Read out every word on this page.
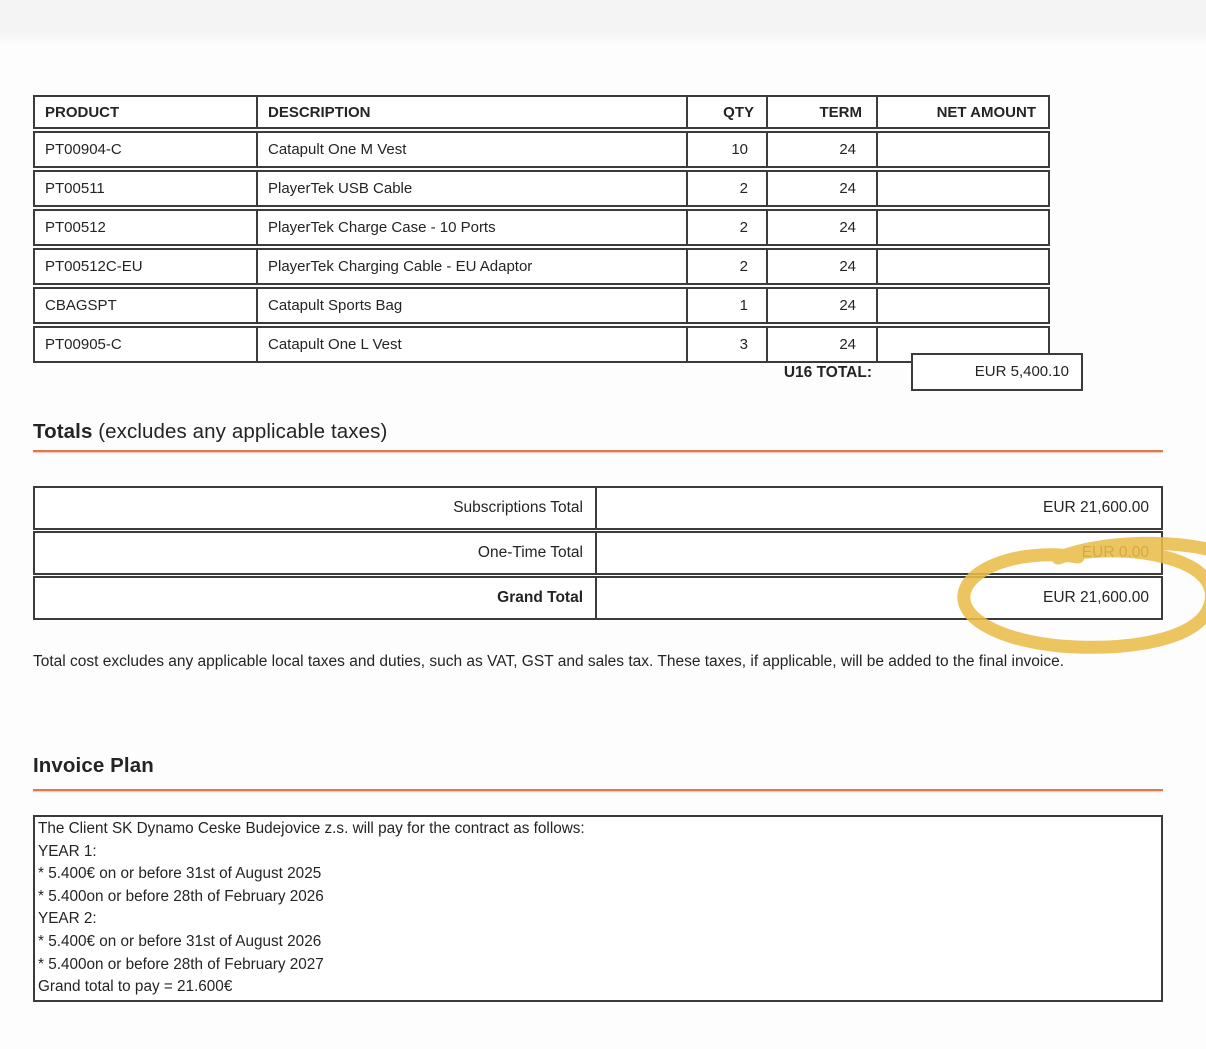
PRODUCT	DESCRIPTION	QTY	TERM	NET AMOUNT
PT00904-C	Catapult One M Vest	10	24
PT00511	PlayerTek USB Cable	2	24
PT00512	PlayerTek Charge Case - 10 Ports	2	24
PT00512C-EU	PlayerTek Charging Cable - EU Adaptor	2	24
CBAGSPT	Catapult Sports Bag	1	24
PT00905-C	Catapult One L Vest	3	24
U16 TOTAL:	EUR 5,400.10
Totals (excludes any applicable taxes)
Subscriptions Total	EUR 21,600.00
One-Time Total	EUR 0.00
Grand Total	EUR 21,600.00
Total cost excludes any applicable local taxes and duties, such as VAT, GST and sales tax. These taxes, if applicable, will be added to the final invoice.
Invoice Plan
The Client SK Dynamo Ceske Budejovice z.s. will pay for the contract as follows:
YEAR 1:
* 5.400€ on or before 31st of August 2025
* 5.400on or before 28th of February 2026
YEAR 2:
* 5.400€ on or before 31st of August 2026
* 5.400on or before 28th of February 2027
Grand total to pay = 21.600€
